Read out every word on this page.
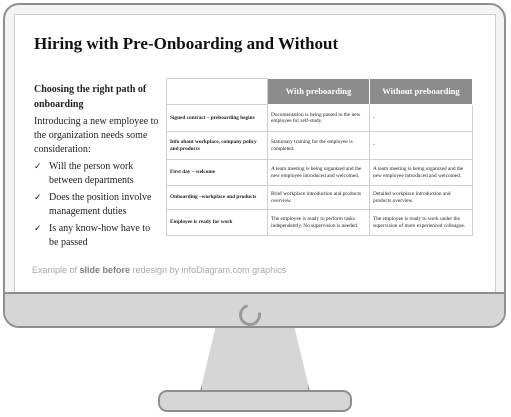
Hiring with Pre-Onboarding and Without

Choosing the right path of onboarding

Introducing a new employee to the organization needs some consideration:

✓ Will the person work between departments
✓ Does the position involve management duties
✓ Is any know-how have to be passed
	With preboarding	Without preboarding
Signed contract – preboarding begins	Documentation is being passed to the new employee for self-study.	-
Info about workplace, company policy and products	Stationary training for the employee is completed.	-
First day – welcome	A team meeting is being organized and the new employee introduced and welcomed.	A team meeting is being organized and the new employee introduced and welcomed.
Onboarding –workplace and products	Brief workplace introduction and products overview.	Detailed workplace introduction and products overview.
Employee is ready for work	The employee is ready to perform tasks independently. No supervision is needed.	The employee is ready to work under the supervision of more experienced colleague.
Example of slide before redesign by infoDiagram.com graphics
